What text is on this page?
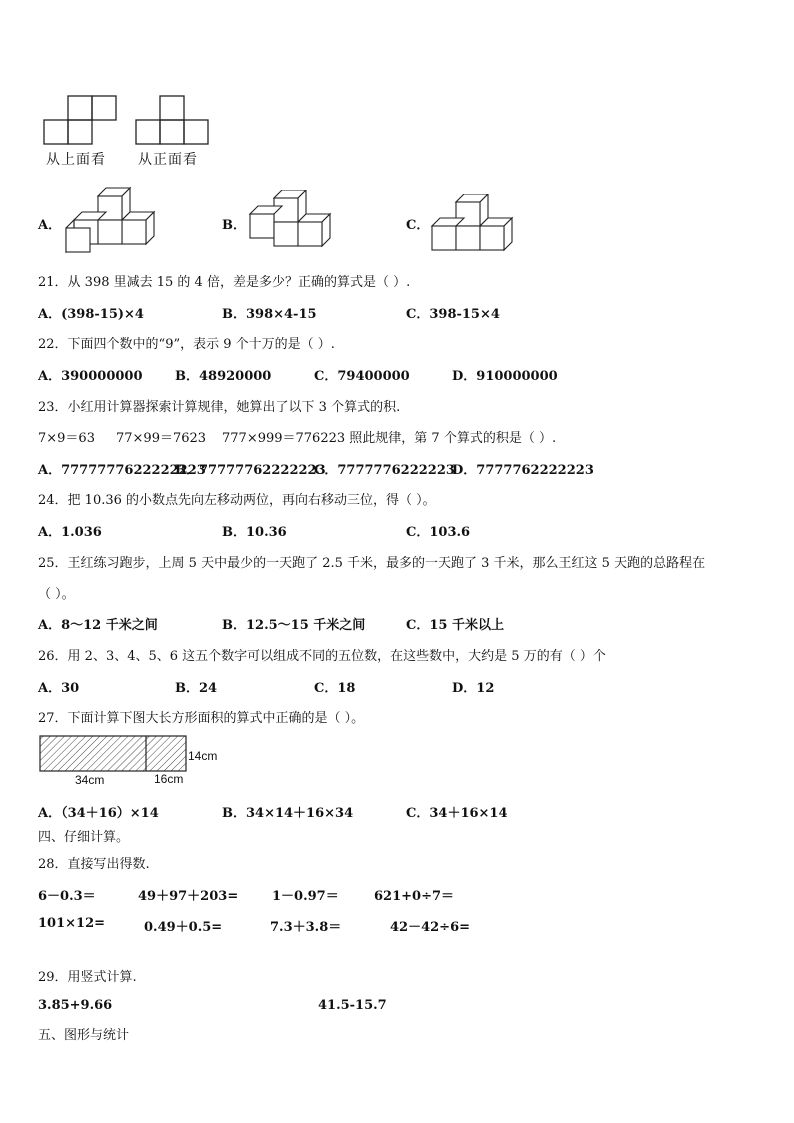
从上面看 从正面看
A．	B．	C．
21．从 398 里减去 15 的 4 倍，差是多少？正确的算式是（ ）.
A．(398-15)×4	B．398×4-15	C．398-15×4
22．下面四个数中的“9”，表示 9 个十万的是（ ）.
A．390000000	B．48920000	C．79400000	D．910000000
23．小红用计算器探索计算规律，她算出了以下 3 个算式的积.
7×9＝63 77×99＝7623 777×999＝776223 照此规律，第 7 个算式的积是（ ）.
A．7777777622222223
B．77777762222223
C．7777776222223
D．7777762222223
24．把 10.36 的小数点先向左移动两位，再向右移动三位，得（ ）。
A．1.036	B．10.36	C．103.6
25．王红练习跑步，上周 5 天中最少的一天跑了 2.5 千米，最多的一天跑了 3 千米，那么王红这 5 天跑的总路程在
（ ）。
A．8～12 千米之间	B．12.5～15 千米之间	C．15 千米以上
26．用 2、3、4、5、6 这五个数字可以组成不同的五位数，在这些数中，大约是 5 万的有（ ）个
A．30	B．24	C．18	D．12
27．下面计算下图大长方形面积的算式中正确的是（ ）。
14cm
34cm	16cm
A．（34＋16）×14	B．34×14＋16×34	C．34＋16×14
四、仔细计算。
28．直接写出得数.
6－0.3＝	49＋97＋203=	1－0.97＝	621+0÷7＝
101×12=	0.49＋0.5=	7.3＋3.8＝	42－42÷6=
29．用竖式计算.
3.85+9.66	41.5-15.7
五、图形与统计
